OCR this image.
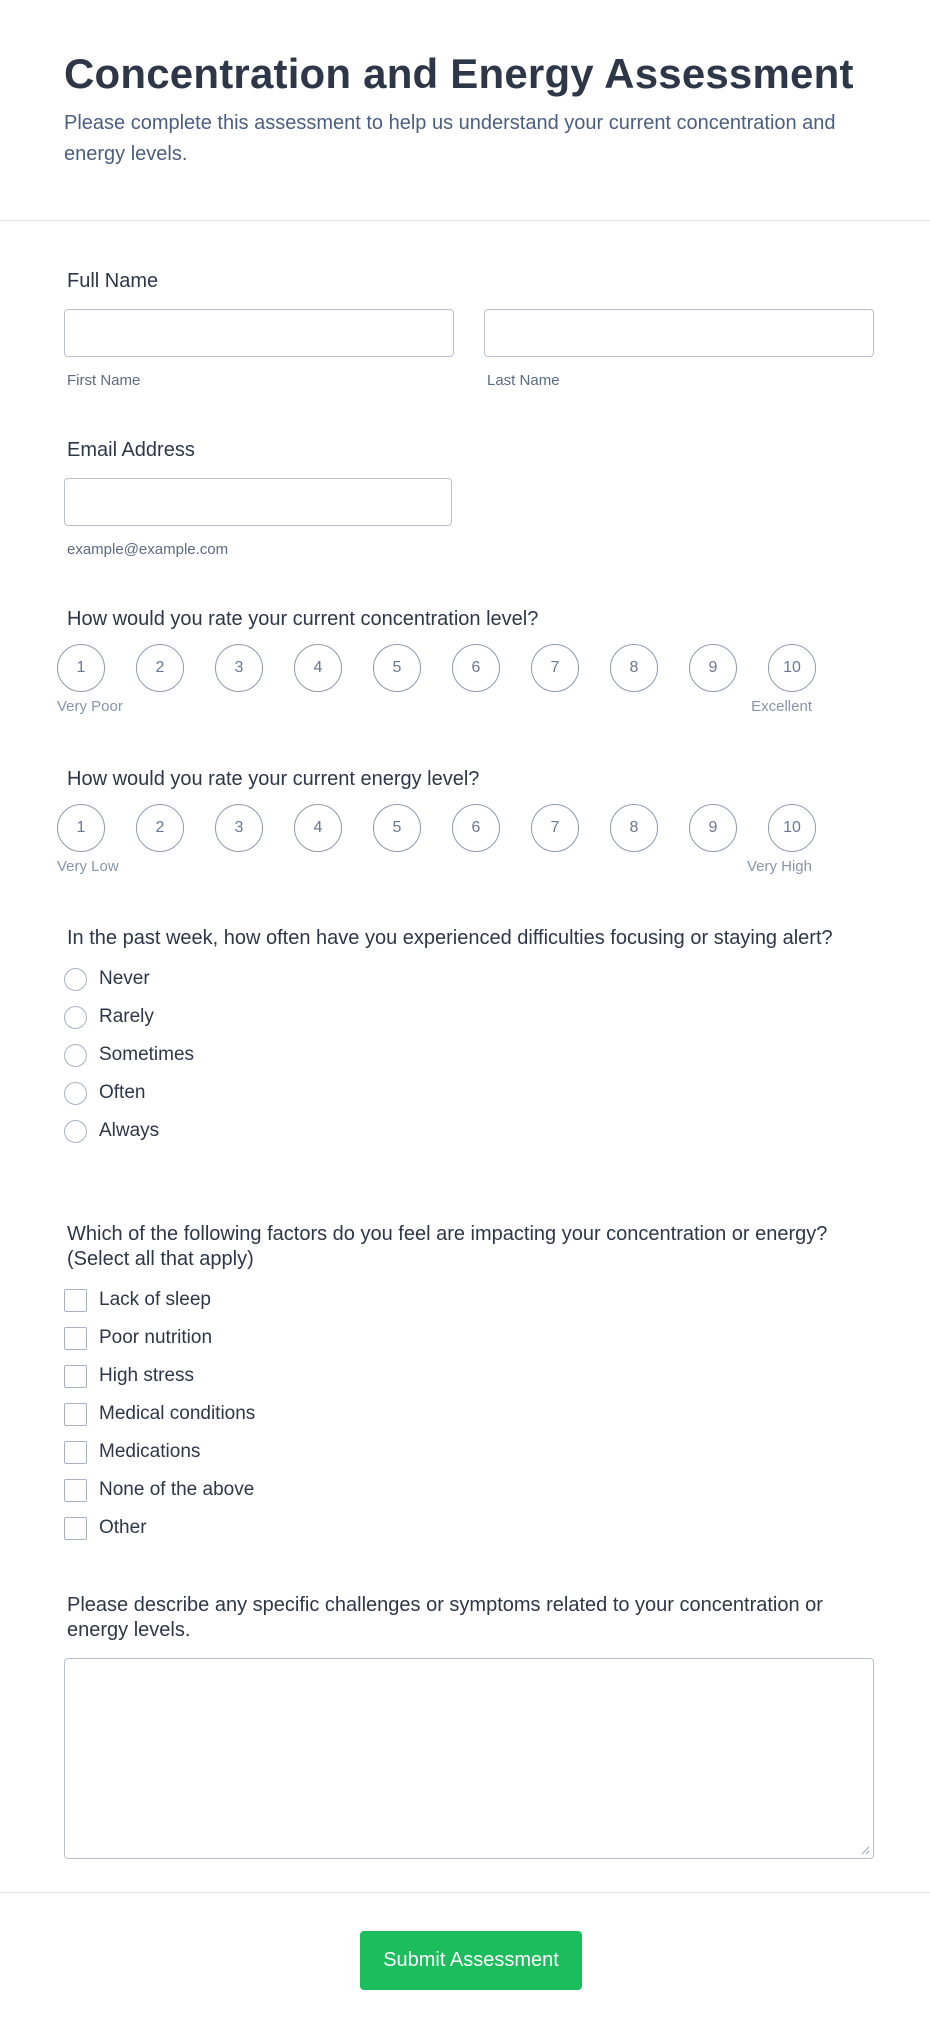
Concentration and Energy Assessment

Please complete this assessment to help us understand your current concentration and energy levels.

Full Name
First Name	Last Name
Email Address
example@example.com
How would you rate your current concentration level?
1	2	3	4	5	6	7	8	9	10
Very Poor	Excellent
How would you rate your current energy level?
1	2	3	4	5	6	7	8	9	10
Very Low	Very High
In the past week, how often have you experienced difficulties focusing or staying alert?
Never
Rarely
Sometimes
Often
Always
Which of the following factors do you feel are impacting your concentration or energy? (Select all that apply)
Lack of sleep
Poor nutrition
High stress
Medical conditions
Medications
None of the above
Other
Please describe any specific challenges or symptoms related to your concentration or energy levels.
Submit Assessment
